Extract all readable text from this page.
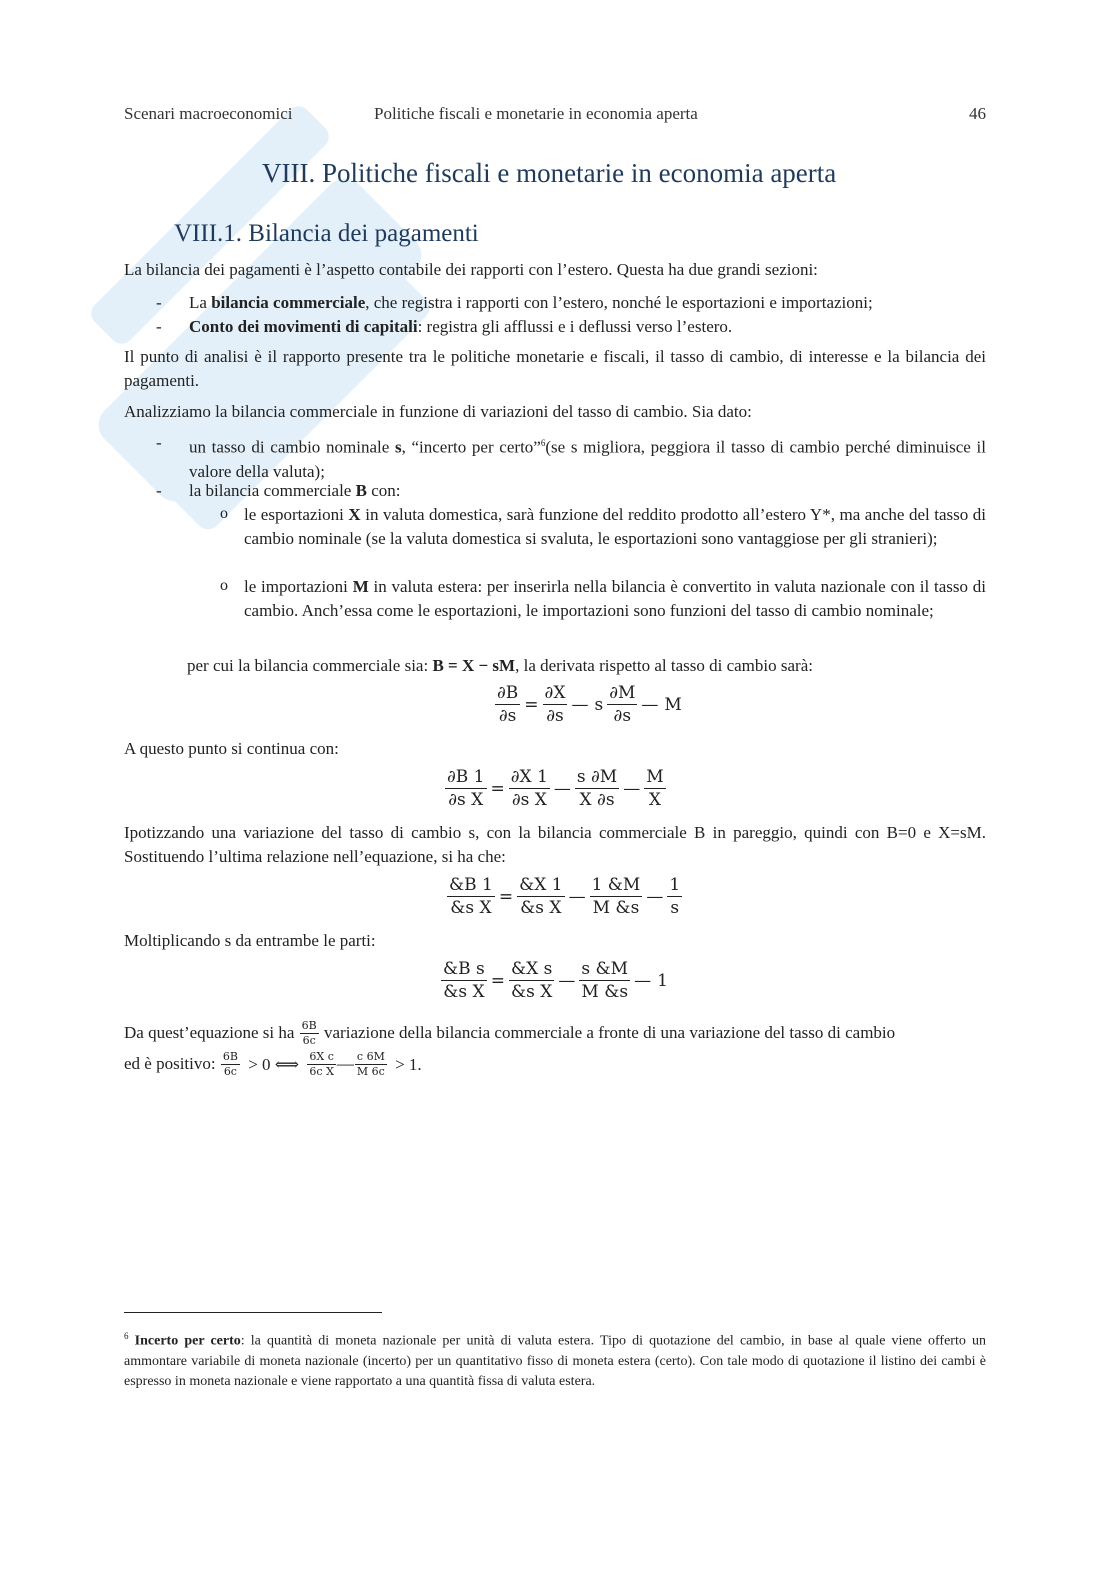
Scenari macroeconomici	Politiche fiscali e monetarie in economia aperta	46
VIII. Politiche fiscali e monetarie in economia aperta
VIII.1. Bilancia dei pagamenti
La bilancia dei pagamenti è l’aspetto contabile dei rapporti con l’estero. Questa ha due grandi sezioni:
- La bilancia commerciale, che registra i rapporti con l’estero, nonché le esportazioni e importazioni;
- Conto dei movimenti di capitali: registra gli afflussi e i deflussi verso l’estero.
Il punto di analisi è il rapporto presente tra le politiche monetarie e fiscali, il tasso di cambio, di interesse e la bilancia dei pagamenti.
Analizziamo la bilancia commerciale in funzione di variazioni del tasso di cambio. Sia dato:
- un tasso di cambio nominale s, “incerto per certo”$^6$(se s migliora, peggiora il tasso di cambio perché diminuisce il valore della valuta);
- la bilancia commerciale B con:
o le esportazioni X in valuta domestica, sarà funzione del reddito prodotto all’estero Y*, ma anche del tasso di cambio nominale (se la valuta domestica si svaluta, le esportazioni sono vantaggiose per gli stranieri);
o le importazioni M in valuta estera: per inserirla nella bilancia è convertito in valuta nazionale con il tasso di cambio. Anch’essa come le esportazioni, le importazioni sono funzioni del tasso di cambio nominale;
per cui la bilancia commerciale sia: B = X − sM, la derivata rispetto al tasso di cambio sarà:
$\frac{\partial B}{\partial s} = \frac{\partial X}{\partial s}$ — s $\frac{\partial M}{\partial s}$ — M
A questo punto si continua con:
$\frac{\partial B 1}{\text{∂s X}} = \frac{\partial X 1}{\text{∂s X}}$ — $\frac{s \partial M}{X \partial s}$ — $\frac{M}{X}$
Ipotizzando una variazione del tasso di cambio s, con la bilancia commerciale B in pareggio, quindi con B=0 e X=sM. Sostituendo l’ultima relazione nell’equazione, si ha che:
$\frac{\&B 1}{\text{\&s X}} = \frac{\&X 1}{\text{\&s X}}$ — $\frac{1 \&M}{M \&s}$ — $\frac{1}{s}$
Moltiplicando s da entrambe le parti:
$\frac{\text{\&B s}}{\text{\&s X}} = \frac{\text{\&X s}}{\text{\&s X}}$ — $\frac{s \&M}{M \&s}$ — 1
Da quest’equazione si ha $\frac{6B}{6c}$ variazione della bilancia commerciale a fronte di una variazione del tasso di cambio
ed è positivo: $\frac{6B}{6c} > 0$ ⟺ $\frac{\text{6X c}}{\text{6c X}}$ — $\frac{c 6M}{M 6c} > 1$.
$^6$ Incerto per certo: la quantità di moneta nazionale per unità di valuta estera. Tipo di quotazione del cambio, in base al quale viene offerto un ammontare variabile di moneta nazionale (incerto) per un quantitativo fisso di moneta estera (certo). Con tale modo di quotazione il listino dei cambi è espresso in moneta nazionale e viene rapportato a una quantità fissa di valuta estera.
